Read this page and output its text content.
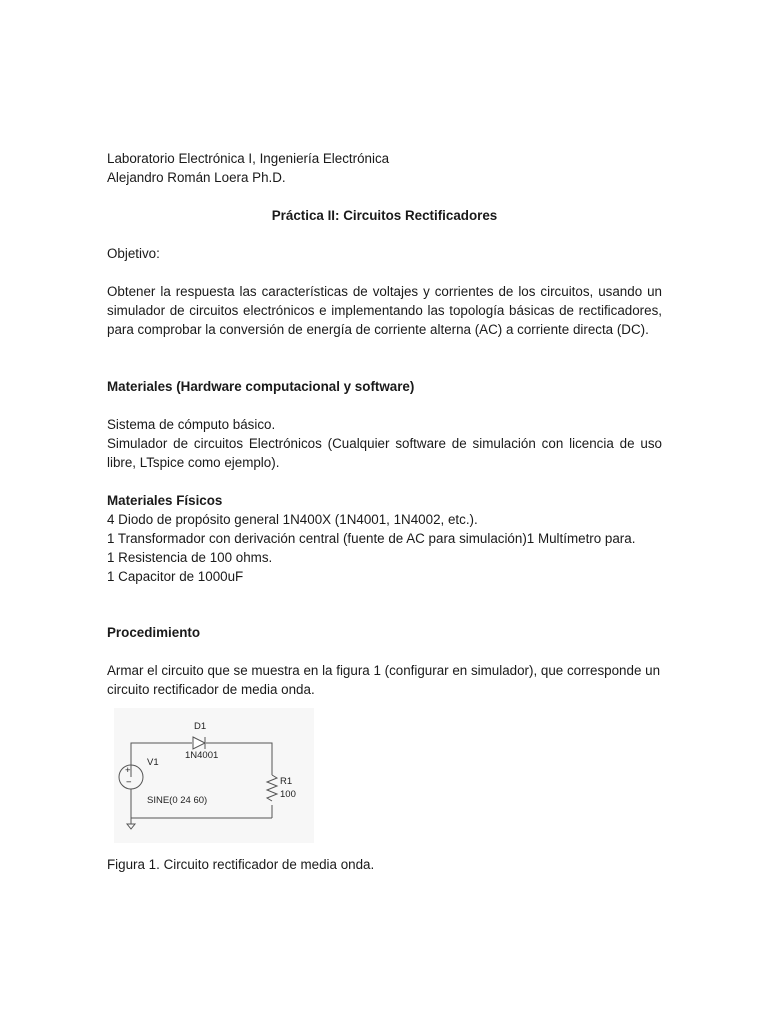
Laboratorio Electrónica I, Ingeniería Electrónica

Alejandro Román Loera Ph.D.

Práctica II: Circuitos Rectificadores

Objetivo:

Obtener la respuesta las características de voltajes y corrientes de los circuitos, usando un simulador de circuitos electrónicos e implementando las topología básicas de rectificadores, para comprobar la conversión de energía de corriente alterna (AC) a corriente directa (DC).

Materiales (Hardware computacional y software)

Sistema de cómputo básico.

Simulador de circuitos Electrónicos (Cualquier software de simulación con licencia de uso libre, LTspice como ejemplo).

Materiales Físicos

4 Diodo de propósito general 1N400X (1N4001, 1N4002, etc.).

1 Transformador con derivación central (fuente de AC para simulación)1 Multímetro para.

1 Resistencia de 100 ohms.

1 Capacitor de 1000uF

Procedimiento

Armar el circuito que se muestra en la figura 1 (configurar en simulador), que corresponde un circuito rectificador de media onda.

+
−
D1
1N4001
V1
SINE(0 24 60)
R1
100

Figura 1. Circuito rectificador de media onda.
